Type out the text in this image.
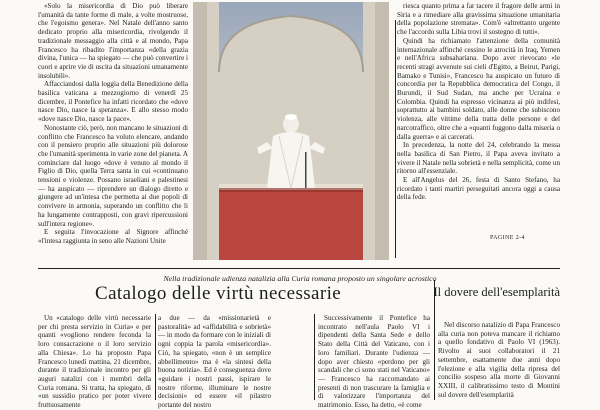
«Solo la misericordia di Dio può liberare l'umanità da tante forme di male, a volte mostruose, che l'egoismo genera». Nel Natale dell'anno santo dedicato proprio alla misericordia, rivolgendo il tradizionale messaggio alla città e al mondo, Papa Francesco ha ribadito l'importanza «della grazia divina, l'unica — ha spiegato — che può convertire i cuori e aprire vie di uscita da situazioni umanamente insolubili».

Affacciandosi dalla loggia della Benedizione della basilica vaticana a mezzogiorno di venerdì 25 dicembre, il Pontefice ha infatti ricordato che «dove nasce Dio, nasce la speranza». E allo stesso modo «dove nasce Dio, nasce la pace».

Nonostante ciò, però, non mancano le situazioni di conflitto che Francesco ha voluto elencare, andando con il pensiero proprio alle situazioni più dolorose che l'umanità sperimenta in varie zone del pianeta. A cominciare dal luogo «dove è venuto al mondo il Figlio di Dio, quella Terra santa in cui «continuano tensioni e violenze. Possano israeliani e palestinesi — ha auspicato — riprendere un dialogo diretto e giungere ad un'intesa che permetta ai due popoli di convivere in armonia, superando un conflitto che li ha lungamente contrapposti, con gravi ripercussioni sull'intera regione».

E seguita l'invocazione al Signore affinché «l'intesa raggiunta in seno alle Nazioni Unite

riesca quanto prima a far tacere il fragore delle armi in Siria e a rimediare alla gravissima situazione umanitaria della popolazione stremata». Com'è «altrettanto urgente che l'accordo sulla Libia trovi il sostegno di tutti».

Quindi ha richiamato l'attenzione della comunità internazionale affinché cessino le atrocità in Iraq, Yemen e nell'Africa subsahariana. Dopo aver rievocato «le recenti stragi avvenute sui cieli d'Egitto, a Beirut, Parigi, Bamako e Tunisi», Francesco ha auspicato un futuro di concordia per la Repubblica democratica del Congo, il Burundi, il Sud Sudan, ma anche per Ucraina e Colombia. Quindi ha espresso vicinanza ai più indifesi, soprattutto ai bambini soldato, alle donne che subiscono violenza, alle vittime della tratta delle persone e del narcotraffico, oltre che a «quanti fuggono dalla miseria o dalla guerra» e ai carcerati.

In precedenza, la notte del 24, celebrando la messa nella basilica di San Pietro, il Papa aveva invitato a vivere il Natale nella sobrietà e nella semplicità, come un ritorno all'essenziale.

E all'Angelus del 26, festa di Santo Stefano, ha ricordato i tanti martiri perseguitati ancora oggi a causa della fede.

PAGINE 2-4
Nella tradizionale udienza natalizia alla Curia romana proposto un singolare acrostico
Catalogo delle virtù necessarie	Il dovere dell'esemplarità

Un «catalogo delle virtù necessarie per chi presta servizio in Curia» e per quanti «vogliono rendere feconda la loro consacrazione o il loro servizio alla Chiesa». Lo ha proposto Papa Francesco lunedì mattina, 21 dicembre, durante il tradizionale incontro per gli auguri natalizi con i membri della Curia romana. Si tratta, ha spiegato, di «un sussidio pratico per poter vivere fruttuosamente

a due — da «missionarietà e pastoralità» ad «affidabilità e sobrietà» — in modo da formare con le iniziali di ogni coppia la parola «misericordia». Ciò, ha spiegato, «non è un semplice abbellimento» ma è «la sintesi della buona notizia». Ed è conseguenza dove «guidare i nostri passi, ispirare le nostre riforme, illuminare le nostre decisioni» ed essere «il pilastro portante del nostro

Successivamente il Pontefice ha incontrato nell'aula Paolo VI i dipendenti della Santa Sede e dello Stato della Città del Vaticano, con i loro familiari. Durante l'udienza — dopo aver chiesto «perdono per gli scandali che ci sono stati nel Vaticano» — Francesco ha raccomandato ai presenti di non trascurare la famiglia e di valorizzare l'importanza del matrimonio. Esso, ha detto, «è come

Nel discorso natalizio di Papa Francesco alla curia non poteva mancare il richiamo a quello fondativo di Paolo VI (1963). Rivolto ai suoi collaboratori il 21 settembre, esattamente due anni dopo l'elezione e alla vigilia della ripresa del concilio sospeso alla morte di Giovanni XXIII, il calibratissimo testo di Montini sul dovere dell'esemplarità
